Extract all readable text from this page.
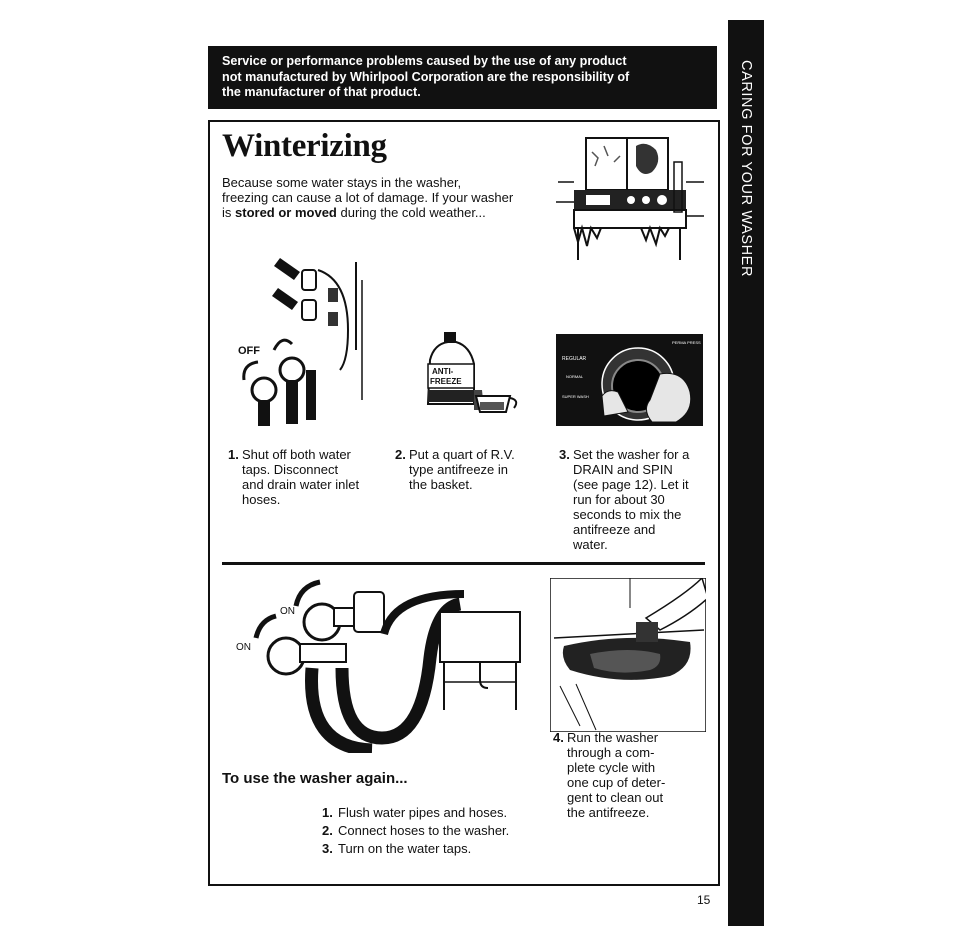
Service or performance problems caused by the use of any product
not manufactured by Whirlpool Corporation are the responsibility of
the manufacturer of that product.	CARING FOR YOUR WASHER
Winterizing
Because some water stays in the washer,
freezing can cause a lot of damage. If your washer
is stored or moved during the cold weather...
OFF
ANTI-
FREEZE
REGULAR
PERMA PRESS
NORMAL
SUPER WASH
1. Shut off both water
taps. Disconnect
and drain water inlet
hoses.
2. Put a quart of R.V.
type antifreeze in
the basket.
3. Set the washer for a
DRAIN and SPIN
(see page 12). Let it
run for about 30
seconds to mix the
antifreeze and
water.
ON
ON
4. Run the washer
through a com-
plete cycle with
one cup of deter-
gent to clean out
the antifreeze.
To use the washer again...
1. Flush water pipes and hoses.
2. Connect hoses to the washer.
3. Turn on the water taps.
15
